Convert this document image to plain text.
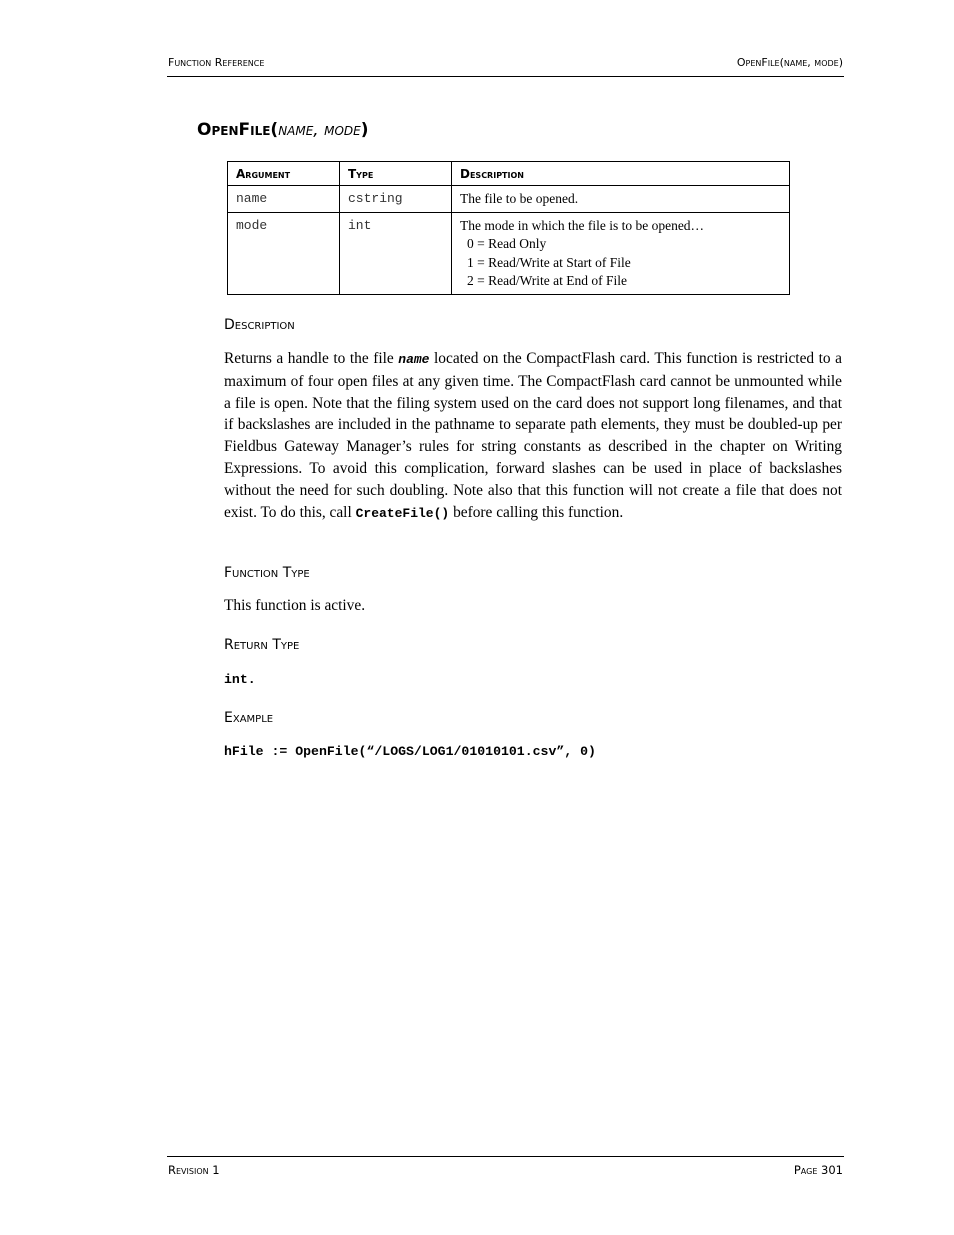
Function Reference	OpenFile(name, mode)
OpenFile(name, mode)
Argument	Type	Description
name	cstring	The file to be opened.
mode	int	The mode in which the file is to be opened…
0 = Read Only
1 = Read/Write at Start of File
2 = Read/Write at End of File
Description
Returns a handle to the file name located on the CompactFlash card. This function is restricted to a maximum of four open files at any given time. The CompactFlash card cannot be unmounted while a file is open. Note that the filing system used on the card does not support long filenames, and that if backslashes are included in the pathname to separate path elements, they must be doubled-up per Fieldbus Gateway Manager’s rules for string constants as described in the chapter on Writing Expressions. To avoid this complication, forward slashes can be used in place of backslashes without the need for such doubling. Note also that this function will not create a file that does not exist. To do this, call CreateFile() before calling this function.
Function Type
This function is active.
Return Type
int.
Example
hFile := OpenFile(“/LOGS/LOG1/01010101.csv”, 0)
Revision 1	Page 301
